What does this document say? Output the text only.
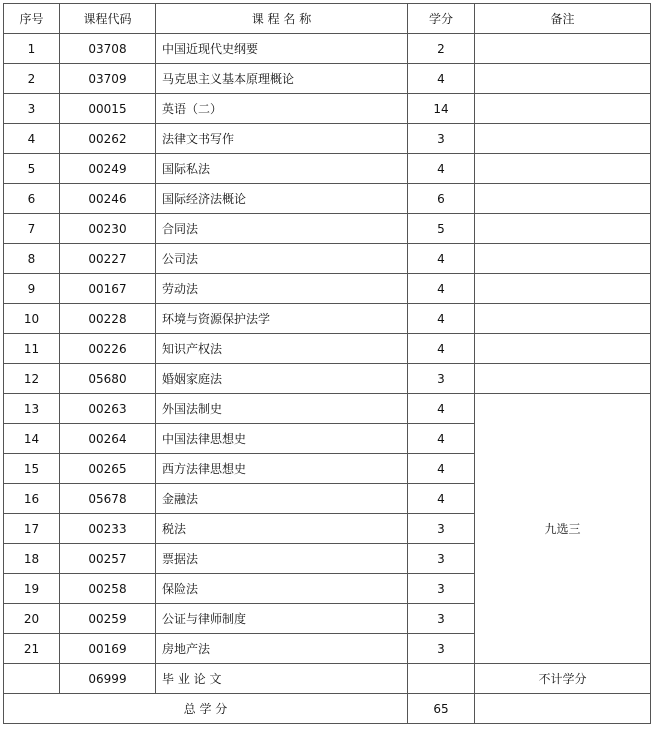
序号	课程代码	课 程 名 称	学分	备注
1	03708	中国近现代史纲要	2	
2	03709	马克思主义基本原理概论	4	
3	00015	英语（二）	14	
4	00262	法律文书写作	3	
5	00249	国际私法	4	
6	00246	国际经济法概论	6	
7	00230	合同法	5	
8	00227	公司法	4	
9	00167	劳动法	4	
10	00228	环境与资源保护法学	4	
11	00226	知识产权法	4	
12	05680	婚姻家庭法	3	
13	00263	外国法制史	4	九选三
14	00264	中国法律思想史	4	
15	00265	西方法律思想史	4	
16	05678	金融法	4	
17	00233	税法	3	
18	00257	票据法	3	
19	00258	保险法	3	
20	00259	公证与律师制度	3	
21	00169	房地产法	3	
	06999	毕 业 论 文		不计学分
总 学 分			65	
